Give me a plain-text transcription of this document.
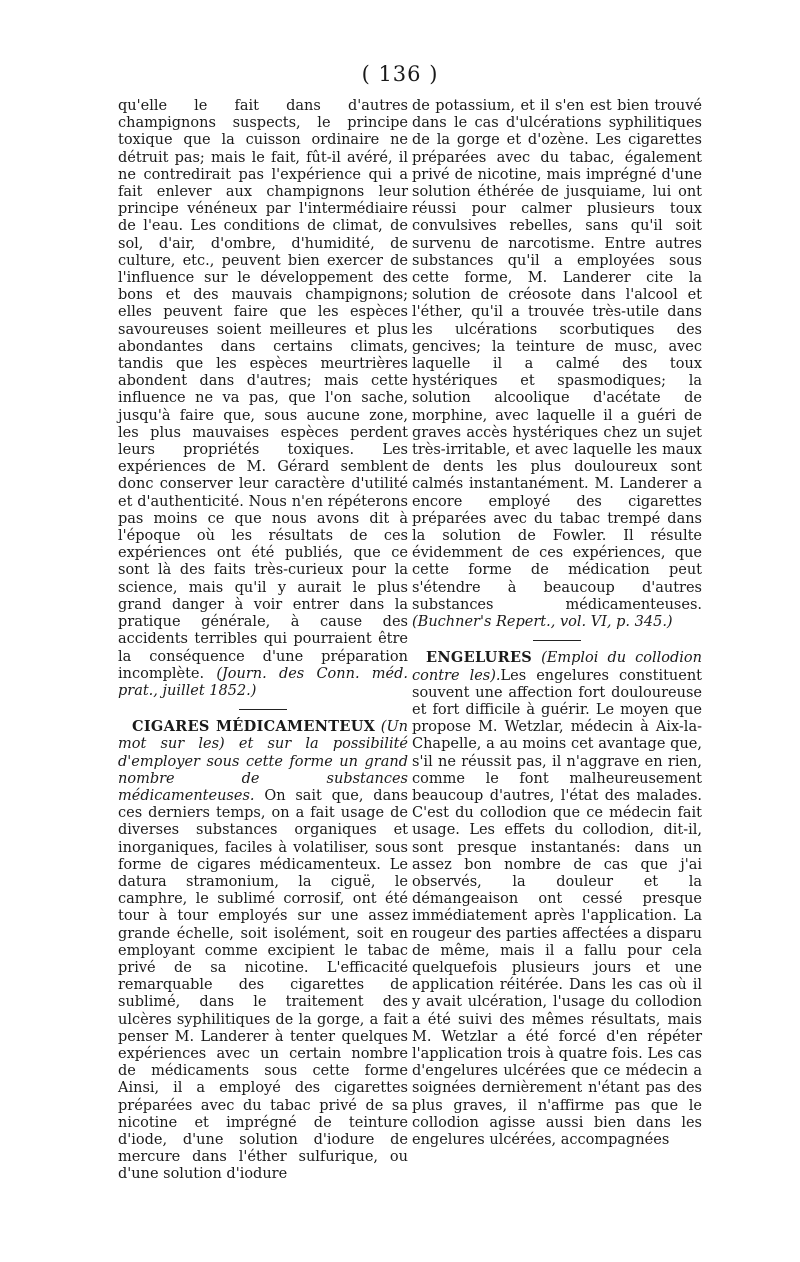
( 136 )

qu'elle le fait dans d'autres champignons suspects, le principe toxique que la cuisson ordinaire ne détruit pas; mais le fait, fût-il avéré, il ne contredirait pas l'expérience qui a fait enlever aux champignons leur principe vénéneux par l'intermédiaire de l'eau. Les conditions de climat, de sol, d'air, d'ombre, d'humidité, de culture, etc., peuvent bien exercer de l'influence sur le développement des bons et des mauvais champignons; elles peuvent faire que les espèces savoureuses soient meilleures et plus abondantes dans certains climats, tandis que les espèces meurtrières abondent dans d'autres; mais cette influence ne va pas, que l'on sache, jusqu'à faire que, sous aucune zone, les plus mauvaises espèces perdent leurs propriétés toxiques. Les expériences de M. Gérard semblent donc conserver leur caractère d'utilité et d'authenticité. Nous n'en répéterons pas moins ce que nous avons dit à l'époque où les résultats de ces expériences ont été publiés, que ce sont là des faits très-curieux pour la science, mais qu'il y aurait le plus grand danger à voir entrer dans la pratique générale, à cause des accidents terribles qui pourraient être la conséquence d'une préparation incomplète. (Journ. des Conn. méd. prat., juillet 1852.)

CIGARES MÉDICAMENTEUX (Un mot sur les) et sur la possibilité d'employer sous cette forme un grand nombre de substances médicamenteuses. On sait que, dans ces derniers temps, on a fait usage de diverses substances organiques et inorganiques, faciles à volatiliser, sous forme de cigares médicamenteux. Le datura stramonium, la ciguë, le camphre, le sublimé corrosif, ont été tour à tour employés sur une assez grande échelle, soit isolément, soit en employant comme excipient le tabac privé de sa nicotine. L'efficacité remarquable des cigarettes de sublimé, dans le traitement des ulcères syphilitiques de la gorge, a fait penser M. Landerer à tenter quelques expériences avec un certain nombre de médicaments sous cette forme Ainsi, il a employé des cigarettes préparées avec du tabac privé de sa nicotine et imprégné de teinture d'iode, d'une solution d'iodure de mercure dans l'éther sulfurique, ou d'une solution d'iodure

de potassium, et il s'en est bien trouvé dans le cas d'ulcérations syphilitiques de la gorge et d'ozène. Les cigarettes préparées avec du tabac, également privé de nicotine, mais imprégné d'une solution éthérée de jusquiame, lui ont réussi pour calmer plusieurs toux convulsives rebelles, sans qu'il soit survenu de narcotisme. Entre autres substances qu'il a employées sous cette forme, M. Landerer cite la solution de créosote dans l'alcool et l'éther, qu'il a trouvée très-utile dans les ulcérations scorbutiques des gencives; la teinture de musc, avec laquelle il a calmé des toux hystériques et spasmodiques; la solution alcoolique d'acétate de morphine, avec laquelle il a guéri de graves accès hystériques chez un sujet très-irritable, et avec laquelle les maux de dents les plus douloureux sont calmés instantanément. M. Landerer a encore employé des cigarettes préparées avec du tabac trempé dans la solution de Fowler. Il résulte évidemment de ces expériences, que cette forme de médication peut s'étendre à beaucoup d'autres substances médicamenteuses. (Buchner's Repert., vol. VI, p. 345.)

ENGELURES (Emploi du collodion contre les).Les engelures constituent souvent une affection fort douloureuse et fort difficile à guérir. Le moyen que propose M. Wetzlar, médecin à Aix-la-Chapelle, a au moins cet avantage que, s'il ne réussit pas, il n'aggrave en rien, comme le font malheureusement beaucoup d'autres, l'état des malades. C'est du collodion que ce médecin fait usage. Les effets du collodion, dit-il, sont presque instantanés: dans un assez bon nombre de cas que j'ai observés, la douleur et la démangeaison ont cessé presque immédiatement après l'application. La rougeur des parties affectées a disparu de même, mais il a fallu pour cela quelquefois plusieurs jours et une application réitérée. Dans les cas où il y avait ulcération, l'usage du collodion a été suivi des mêmes résultats, mais M. Wetzlar a été forcé d'en répéter l'application trois à quatre fois. Les cas d'engelures ulcérées que ce médecin a soignées dernièrement n'étant pas des plus graves, il n'affirme pas que le collodion agisse aussi bien dans les engelures ulcérées, accompagnées
